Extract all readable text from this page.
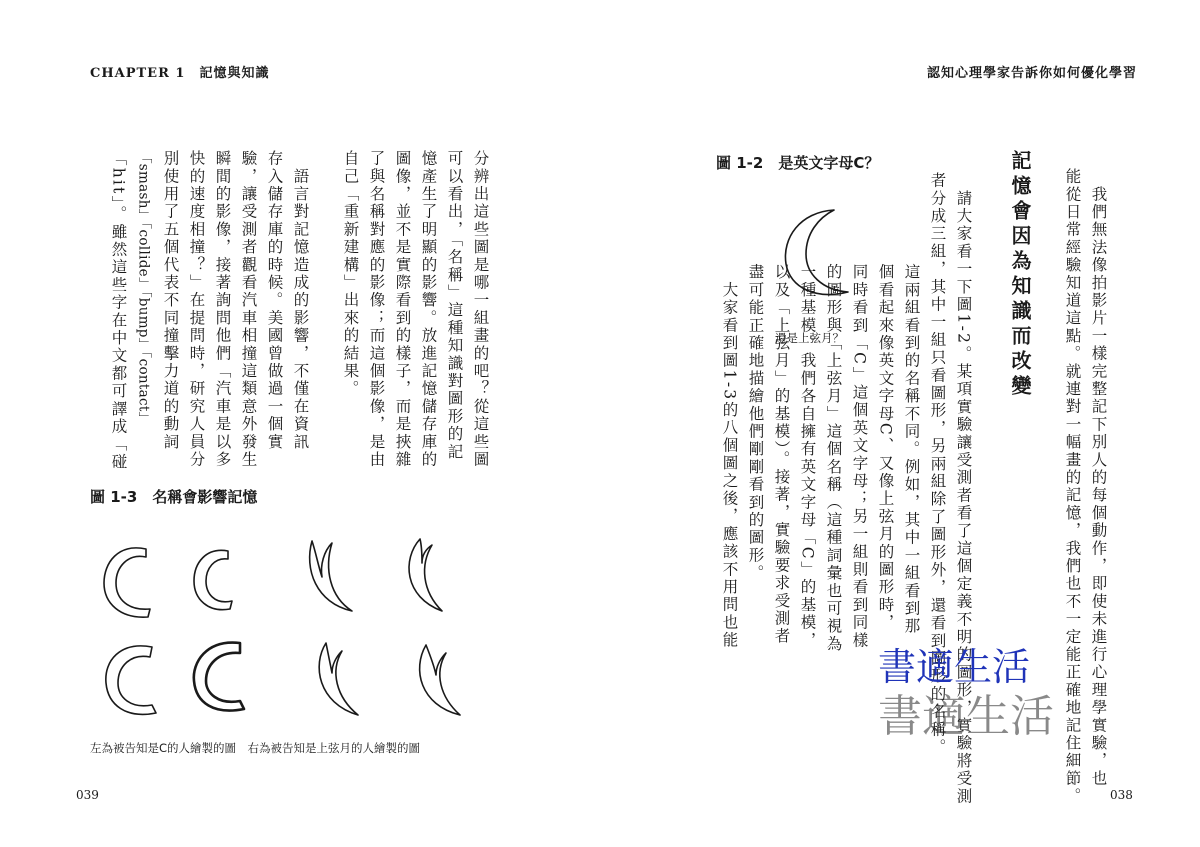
CHAPTER 1　記憶與知識
039
分辨出這些圖是哪一組畫的吧？從這些圖
可以看出，「名稱」這種知識對圖形的記
憶產生了明顯的影響。放進記憶儲存庫的
圖像，並不是實際看到的樣子，而是挾雜
了與名稱對應的影像；而這個影像，是由
自己「重新建構」出來的結果。
　語言對記憶造成的影響，不僅在資訊
存入儲存庫的時候。美國曾做過一個實
驗，讓受測者觀看汽車相撞這類意外發生
瞬間的影像，接著詢問他們「汽車是以多
快的速度相撞？」在提問時，研究人員分
別使用了五個代表不同撞擊力道的動詞
「smash」「collide」「bump」「contact」
「hit」。雖然這些字在中文都可譯成「碰
圖 1-3　名稱會影響記憶
左為被告知是C的人繪製的圖　右為被告知是上弦月的人繪製的圖
認知心理學家告訴你如何優化學習
038
　我們無法像拍影片一樣完整記下別人的每個動作，即使未進行心理學實驗，也
能從日常經驗知道這點。就連對一幅畫的記憶，我們也不一定能正確地記住細節。
記憶會因為知識而改變
　請大家看一下圖1-2。某項實驗讓受測者看了這個定義不明的圖形，實驗將受測
者分成三組，其中一組只看圖形，另兩組除了圖形外，還看到圖形的名稱。
　　　　　　　　這兩組看到的名稱不同。例如，其中一組看到那
　　　　　　　　個看起來像英文字母C、又像上弦月的圖形時，
　　　　　　　　同時看到「C」這個英文字母；另一組則看到同樣
　　　　　　　　的圖形與「上弦月」這個名稱（這種詞彙也可視為
　　　　　　　　一種基模。我們各自擁有英文字母「C」的基模，
　　　　　　　　以及「上弦月」的基模）。接著，實驗要求受測者
　　　　　　　　盡可能正確地描繪他們剛剛看到的圖形。
　　　　　　　　　大家看到圖1-3的八個圖之後，應該不用問也能
圖 1-2　是英文字母C？
還是上弦月？
書適生活
書適生活
